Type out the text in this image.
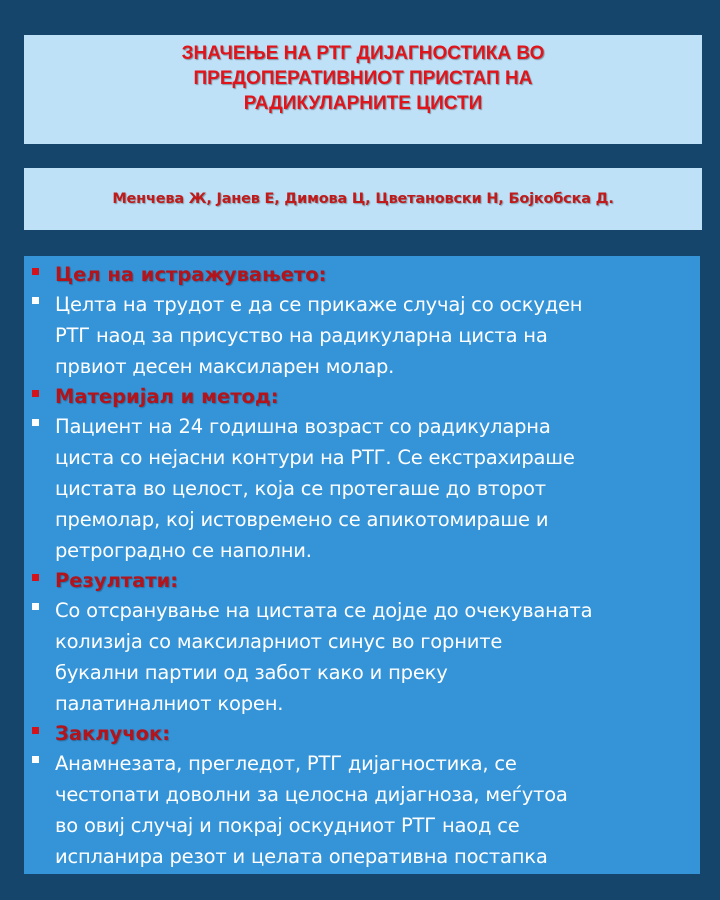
ЗНАЧЕЊЕ НА РТГ ДИЈАГНОСТИКА ВО
ПРЕДОПЕРАТИВНИОТ ПРИСТАП НА
РАДИКУЛАРНИТЕ ЦИСТИ
Менчева Ж, Јанев Е, Димова Ц, Цветановски Н, Бојкобска Д.
Цел на истражувањето:
Целта на трудот е да се прикаже случај со оскуден
РТГ наод за присуство на радикуларна циста на
првиот десен максиларен молар.
Материјал и метод:
Пациент на 24 годишна возраст со радикуларна
циста со нејасни контури на РТГ. Се екстрахираше
цистата во целост, која се протегаше до второт
премолар, кој истовремено се апикотомираше и
ретроградно се наполни.
Резултати:
Со отсранување на цистата се дојде до очекуваната
колизија со максиларниот синус во горните
букални партии од забот како и преку
палатиналниот корен.
Заклучок:
Анамнезата, прегледот, РТГ дијагностика, се
честопати доволни за целосна дијагноза, меѓутоа
во овиј случај и покрај оскудниот РТГ наод се
испланира резот и целата оперативна постапка
